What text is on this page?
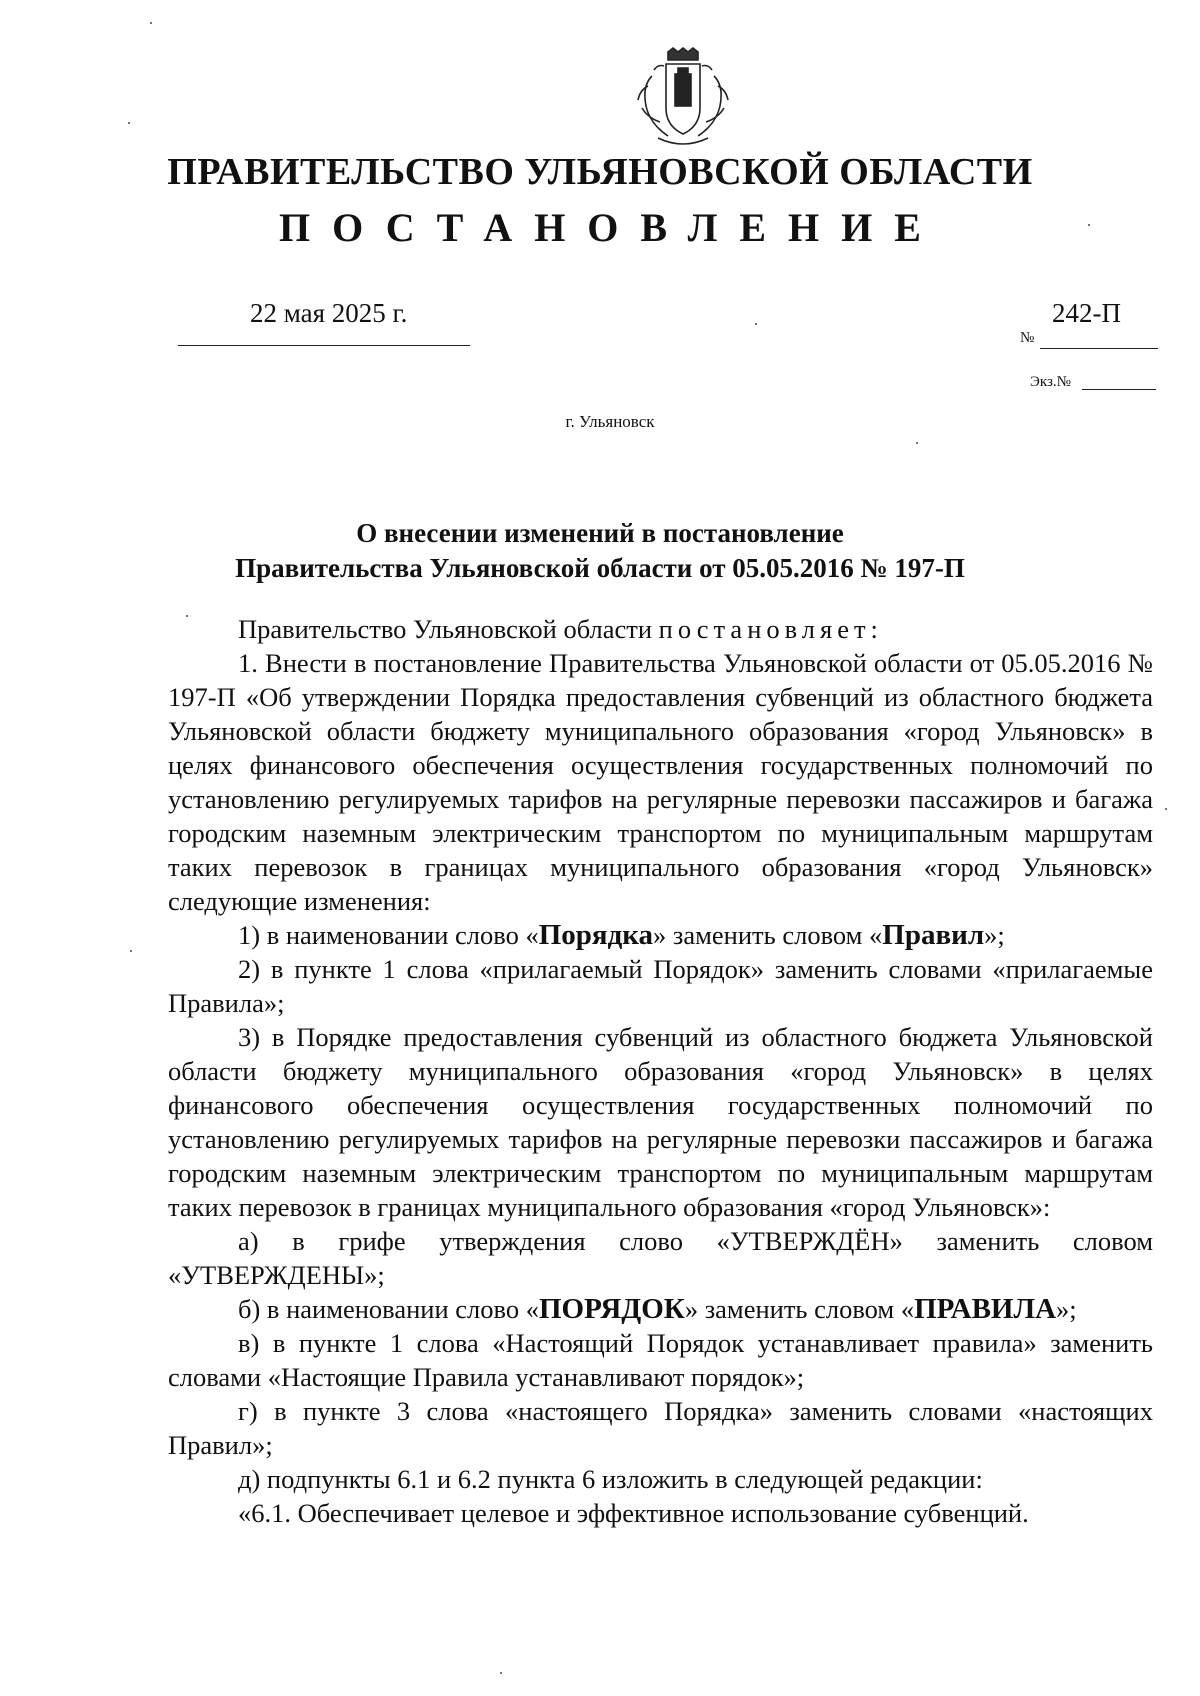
ПРАВИТЕЛЬСТВО УЛЬЯНОВСКОЙ ОБЛАСТИ
ПОСТАНОВЛЕНИЕ
22 мая 2025 г.	242-П
№
Экз.№
г. Ульяновск
О внесении изменений в постановление
Правительства Ульяновской области от 05.05.2016 № 197-П

Правительство Ульяновской области постановляет:

1. Внести в постановление Правительства Ульяновской области от 05.05.2016 № 197-П «Об утверждении Порядка предоставления субвенций из областного бюджета Ульяновской области бюджету муниципального образования «город Ульяновск» в целях финансового обеспечения осуществления государственных полномочий по установлению регулируемых тарифов на регулярные перевозки пассажиров и багажа городским наземным электрическим транспортом по муниципальным маршрутам таких перевозок в границах муниципального образования «город Ульяновск» следующие изменения:

1) в наименовании слово «Порядка» заменить словом «Правил»;

2) в пункте 1 слова «прилагаемый Порядок» заменить словами «прилагаемые Правила»;

3) в Порядке предоставления субвенций из областного бюджета Ульяновской области бюджету муниципального образования «город Ульяновск» в целях финансового обеспечения осуществления государственных полномочий по установлению регулируемых тарифов на регулярные перевозки пассажиров и багажа городским наземным электрическим транспортом по муниципальным маршрутам таких перевозок в границах муниципального образования «город Ульяновск»:

а) в грифе утверждения слово «УТВЕРЖДЁН» заменить словом «УТВЕРЖДЕНЫ»;

б) в наименовании слово «ПОРЯДОК» заменить словом «ПРАВИЛА»;

в) в пункте 1 слова «Настоящий Порядок устанавливает правила» заменить словами «Настоящие Правила устанавливают порядок»;

г) в пункте 3 слова «настоящего Порядка» заменить словами «настоящих Правил»;

д) подпункты 6.1 и 6.2 пункта 6 изложить в следующей редакции:

«6.1. Обеспечивает целевое и эффективное использование субвенций.
